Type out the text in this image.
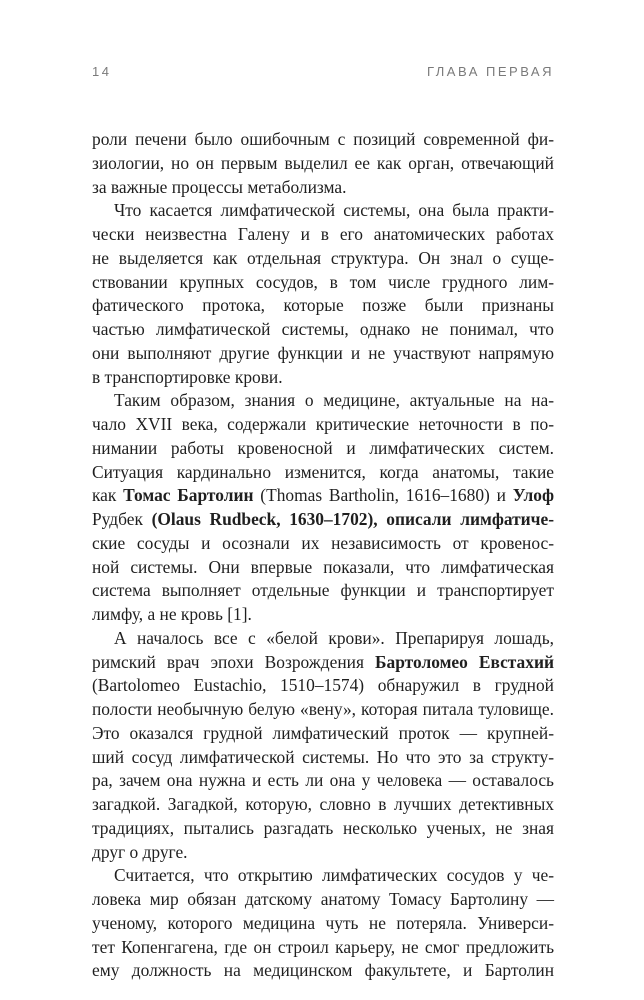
14	ГЛАВА ПЕРВАЯ
роли печени было ошибочным с позиций современной фи-
зиологии, но он первым выделил ее как орган, отвечающий
за важные процессы метаболизма.
Что касается лимфатической системы, она была практи-
чески неизвестна Галену и в его анатомических работах
не выделяется как отдельная структура. Он знал о суще-
ствовании крупных сосудов, в том числе грудного лим-
фатического протока, которые позже были признаны
частью лимфатической системы, однако не понимал, что
они выполняют другие функции и не участвуют напрямую
в транспортировке крови.
Таким образом, знания о медицине, актуальные на на-
чало XVII века, содержали критические неточности в по-
нимании работы кровеносной и лимфатических систем.
Ситуация кардинально изменится, когда анатомы, такие
как Томас Бартолин (Thomas Bartholin, 1616–1680) и Улоф
Рудбек (Olaus Rudbeck, 1630–1702), описали лимфатиче-
ские сосуды и осознали их независимость от кровенос-
ной системы. Они впервые показали, что лимфатическая
система выполняет отдельные функции и транспортирует
лимфу, а не кровь [1].
А началось все с «белой крови». Препарируя лошадь,
римский врач эпохи Возрождения Бартоломео Евстахий
(Bartolomeo Eustachio, 1510–1574) обнаружил в грудной
полости необычную белую «вену», которая питала туловище.
Это оказался грудной лимфатический проток — крупней-
ший сосуд лимфатической системы. Но что это за структу-
ра, зачем она нужна и есть ли она у человека — оставалось
загадкой. Загадкой, которую, словно в лучших детективных
традициях, пытались разгадать несколько ученых, не зная
друг о друге.
Считается, что открытию лимфатических сосудов у че-
ловека мир обязан датскому анатому Томасу Бартолину —
ученому, которого медицина чуть не потеряла. Универси-
тет Копенгагена, где он строил карьеру, не смог предложить
ему должность на медицинском факультете, и Бартолин
